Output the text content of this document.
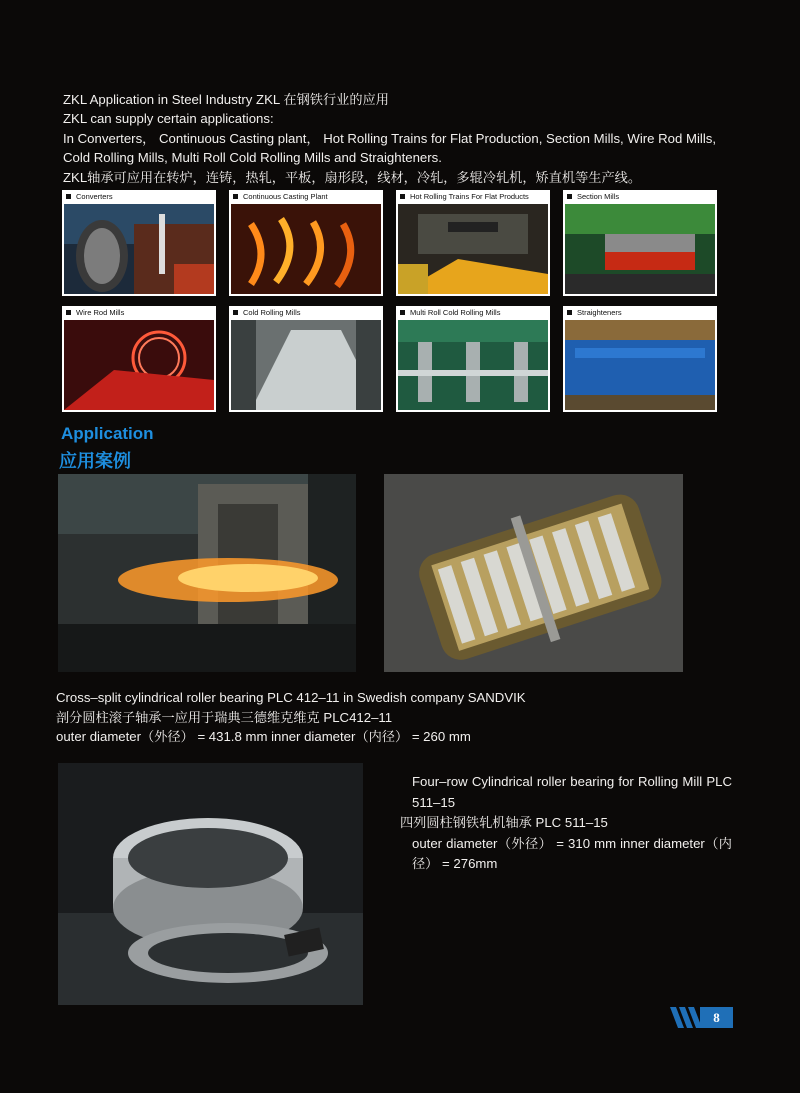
ZKL Application in Steel Industry ZKL 在钢铁行业的应用

ZKL can supply certain applications:

In Converters， Continuous Casting plant， Hot Rolling Trains for Flat Production, Section Mills, Wire Rod Mills, Cold Rolling Mills, Multi Roll Cold Rolling Mills and Straighteners.

ZKL轴承可应用在转炉，连铸，热轧，平板，扇形段，线材，冷轧，多辊冷轧机，矫直机等生产线。

Converters	Continuous Casting Plant	Hot Rolling Trains For Flat Products	Section Mills
Wire Rod Mills	Cold Rolling Mills	Multi Roll Cold Rolling Mills	Straighteners
Application
应用案例

Cross–split cylindrical roller bearing PLC 412–11 in Swedish company SANDVIK

剖分圆柱滚子轴承一应用于瑞典三德维克维克 PLC412–11

outer diameter（外径） = 431.8 mm inner diameter（内径） = 260 mm

Four–row Cylindrical roller bearing for Rolling Mill PLC 511–15

四列圆柱钢铁轧机轴承 PLC 511–15

outer diameter（外径） = 310 mm inner diameter（内径） = 276mm

8
